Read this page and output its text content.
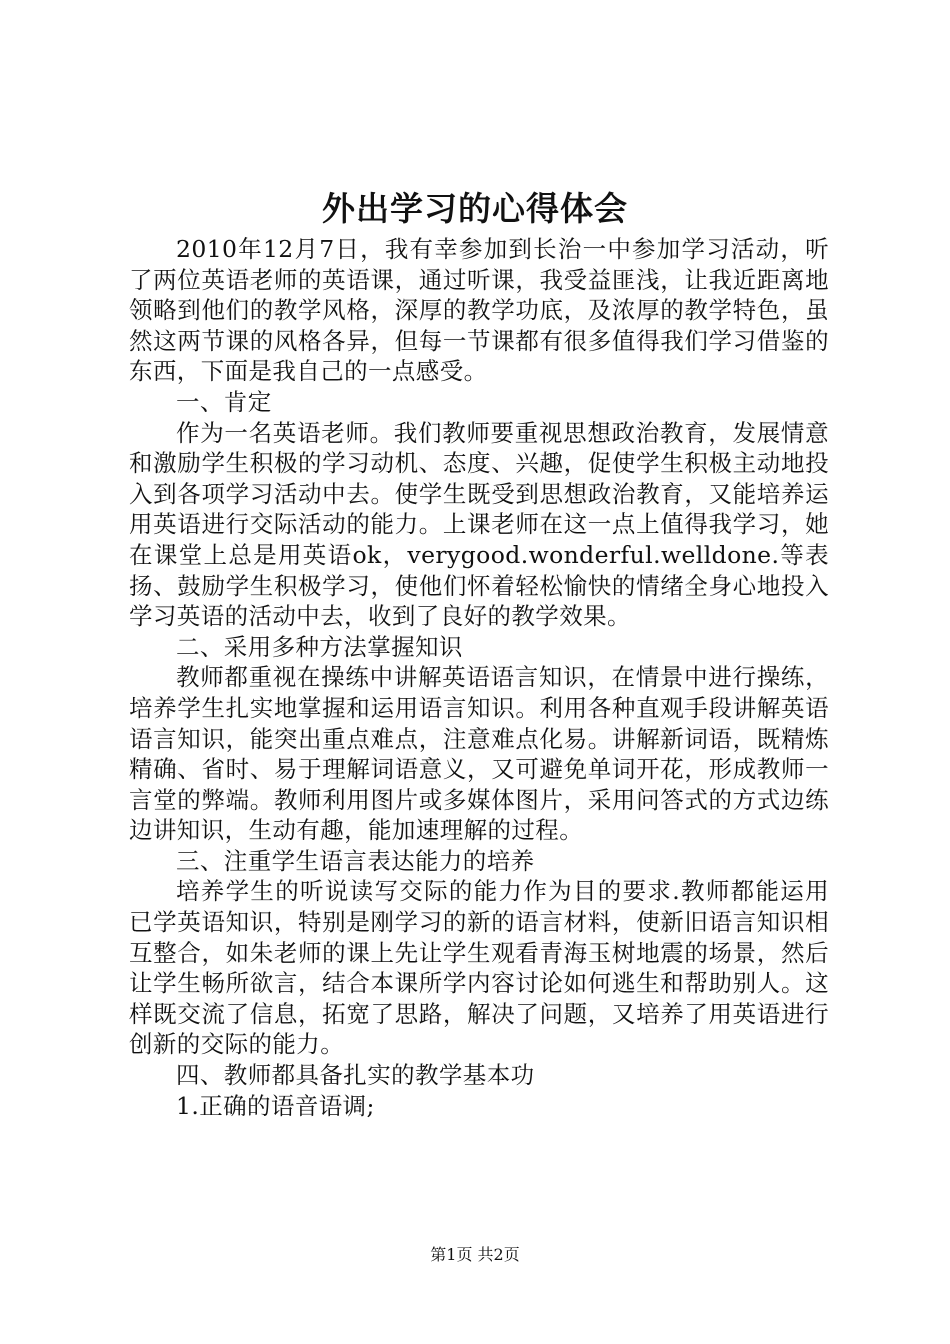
外出学习的心得体会

2010年12月7日，我有幸参加到长治一中参加学习活动，听了两位英语老师的英语课，通过听课，我受益匪浅，让我近距离地领略到他们的教学风格，深厚的教学功底，及浓厚的教学特色，虽然这两节课的风格各异，但每一节课都有很多值得我们学习借鉴的东西，下面是我自己的一点感受。

一、肯定

作为一名英语老师。我们教师要重视思想政治教育，发展情意和激励学生积极的学习动机、态度、兴趣，促使学生积极主动地投入到各项学习活动中去。使学生既受到思想政治教育，又能培养运用英语进行交际活动的能力。上课老师在这一点上值得我学习，她在课堂上总是用英语ok，verygood.wonderful.welldone.等表扬、鼓励学生积极学习，使他们怀着轻松愉快的情绪全身心地投入学习英语的活动中去，收到了良好的教学效果。

二、采用多种方法掌握知识

教师都重视在操练中讲解英语语言知识，在情景中进行操练，培养学生扎实地掌握和运用语言知识。利用各种直观手段讲解英语语言知识，能突出重点难点，注意难点化易。讲解新词语，既精炼精确、省时、易于理解词语意义，又可避免单词开花，形成教师一言堂的弊端。教师利用图片或多媒体图片，采用问答式的方式边练边讲知识，生动有趣，能加速理解的过程。

三、注重学生语言表达能力的培养

培养学生的听说读写交际的能力作为目的要求.教师都能运用已学英语知识，特别是刚学习的新的语言材料，使新旧语言知识相互整合，如朱老师的课上先让学生观看青海玉树地震的场景，然后让学生畅所欲言，结合本课所学内容讨论如何逃生和帮助别人。这样既交流了信息，拓宽了思路，解决了问题，又培养了用英语进行创新的交际的能力。

四、教师都具备扎实的教学基本功

1.正确的语音语调;

第1页 共2页
